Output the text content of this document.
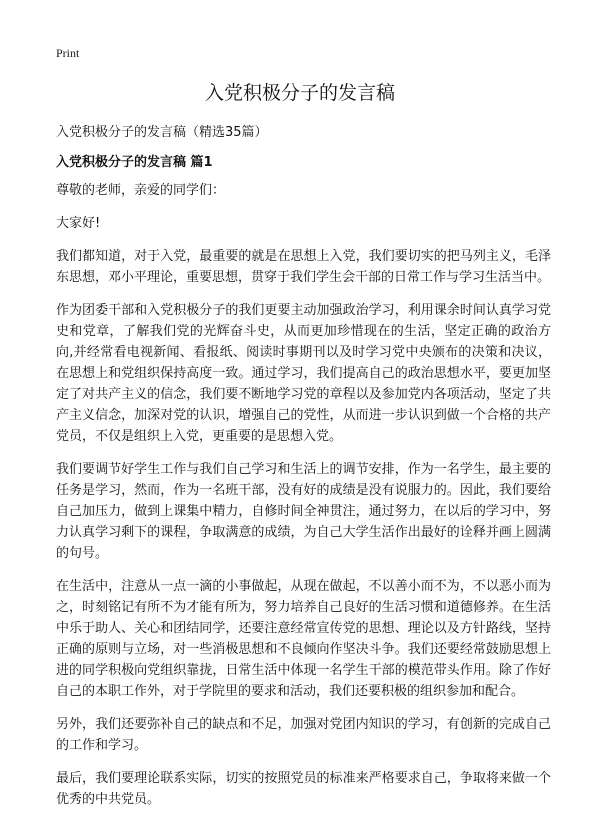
Print
入党积极分子的发言稿
入党积极分子的发言稿（精选35篇）
入党积极分子的发言稿 篇1

尊敬的老师，亲爱的同学们：

大家好!

我们都知道，对于入党，最重要的就是在思想上入党，我们要切实的把马列主义，毛泽东思想，邓小平理论，重要思想，贯穿于我们学生会干部的日常工作与学习生活当中。

作为团委干部和入党积极分子的我们更要主动加强政治学习，利用课余时间认真学习党史和党章，了解我们党的光辉奋斗史，从而更加珍惜现在的生活，坚定正确的政治方向,并经常看电视新闻、看报纸、阅读时事期刊以及时学习党中央颁布的决策和决议，在思想上和党组织保持高度一致。通过学习，我们提高自己的政治思想水平，要更加坚定了对共产主义的信念，我们要不断地学习党的章程以及参加党内各项活动，坚定了共产主义信念，加深对党的认识，增强自己的党性，从而进一步认识到做一个合格的共产党员，不仅是组织上入党，更重要的是思想入党。

我们要调节好学生工作与我们自己学习和生活上的调节安排，作为一名学生，最主要的任务是学习，然而，作为一名班干部，没有好的成绩是没有说服力的。因此，我们要给自己加压力，做到上课集中精力，自修时间全神贯注，通过努力，在以后的学习中，努力认真学习剩下的课程，争取满意的成绩，为自己大学生活作出最好的诠释并画上圆满的句号。

在生活中，注意从一点一滴的小事做起，从现在做起，不以善小而不为，不以恶小而为之，时刻铭记有所不为才能有所为，努力培养自己良好的生活习惯和道德修养。在生活中乐于助人、关心和团结同学，还要注意经常宣传党的思想、理论以及方针路线，坚持正确的原则与立场，对一些消极思想和不良倾向作坚决斗争。我们还要经常鼓励思想上进的同学积极向党组织靠拢，日常生活中体现一名学生干部的模范带头作用。除了作好自己的本职工作外，对于学院里的要求和活动，我们还要积极的组织参加和配合。

另外，我们还要弥补自己的缺点和不足，加强对党团内知识的学习，有创新的完成自己的工作和学习。

最后，我们要理论联系实际，切实的按照党员的标准来严格要求自己，争取将来做一个优秀的中共党员。
